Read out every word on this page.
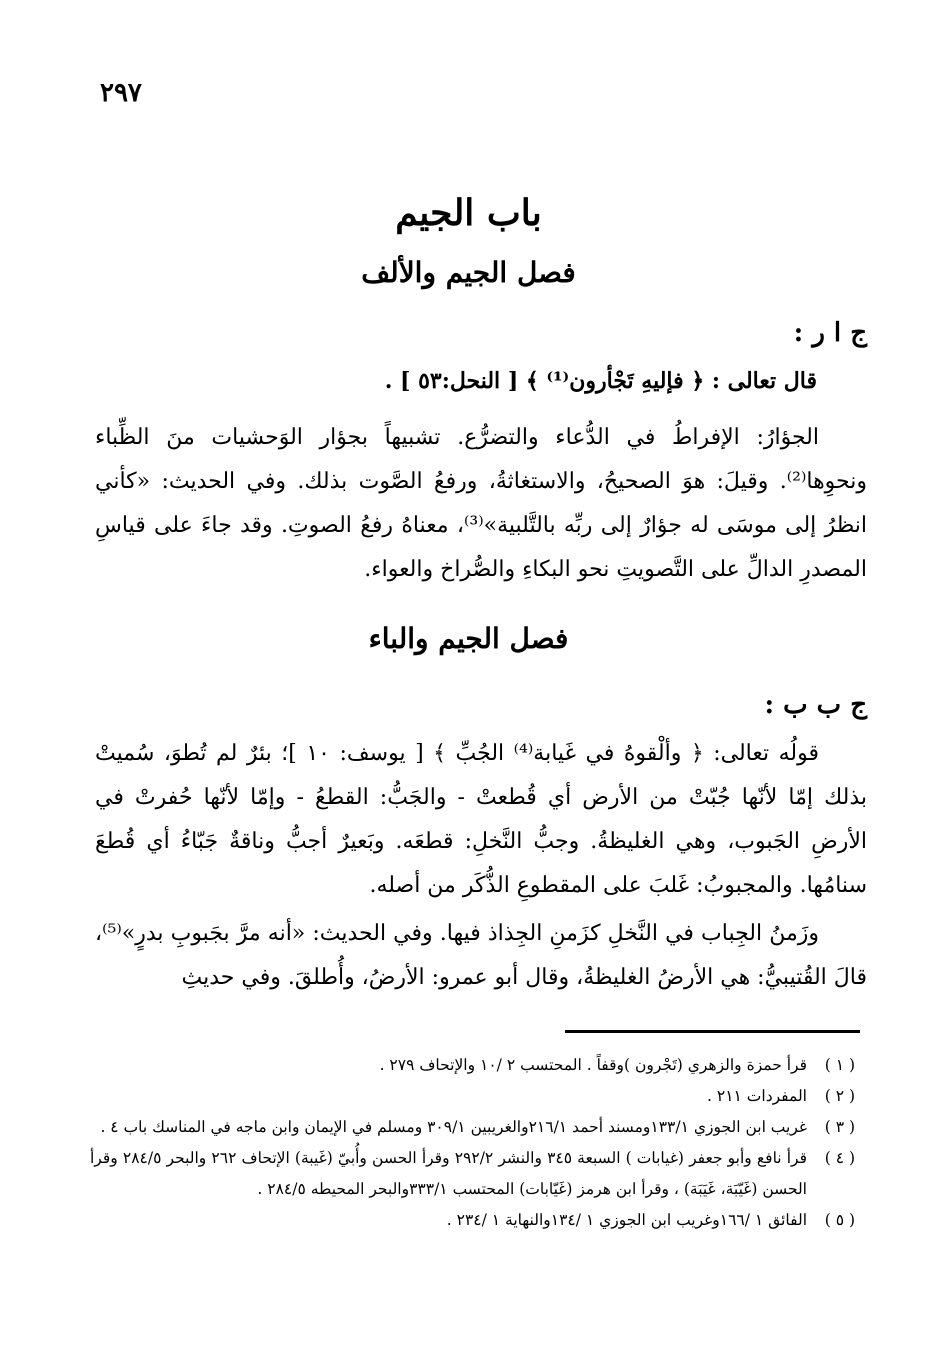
٢٩٧
باب الجيم
فصل الجيم والألف
ج ا ر :
قال تعالى : ﴿ فإليهِ تَجْأرون⁽¹⁾ ﴾ [ النحل:٥٣ ] .
الجؤارُ: الإفراطُ في الدُّعاء والتضرُّع. تشبيهاً بجؤار الوَحشيات منَ الظِّباء ونحوِها⁽²⁾. وقيلَ: هوَ الصحيحُ، والاستغاثةُ، ورفعُ الصَّوت بذلك. وفي الحديث: «كأني انظرُ إلى موسَى له جؤارٌ إلى ربِّه بالتَّلبية»⁽³⁾، معناهُ رفعُ الصوتِ. وقد جاءَ على قياسِ المصدرِ الدالِّ على التَّصويتِ نحو البكاءِ والصُّراخ والعواء.
فصل الجيم والباء
ج ب ب :
قولُه تعالى: ﴿ وألْقوهُ في غَيابة⁽⁴⁾ الجُبِّ ﴾ [ يوسف: ١٠ ]؛ بئرٌ لم تُطوَ، سُميتْ بذلك إمّا لأنّها جُبّتْ من الأرض أي قُطعتْ - والجَبُّ: القطعُ - وإمّا لأنّها حُفرتْ في الأرضِ الجَبوب، وهي الغليظةُ. وجبُّ النَّخلِ: قطعَه. وبَعيرٌ أجبُّ وناقةٌ جَبّاءُ أي قُطعَ سنامُها. والمجبوبُ: غَلبَ على المقطوعِ الذُّكَر من أصله.
وزَمنُ الجِباب في النَّخلِ كزَمنِ الجِذاذ فيها. وفي الحديث: «أنه مرَّ بجَبوبِ بدرٍ»⁽⁵⁾، قالَ القُتيبيُّ: هي الأرضُ الغليظةُ، وقال أبو عمرو: الأرضُ، وأُطلقَ. وفي حديثِ
( ١ )
قرأ حمزة والزهري (تَجْرون )وقفاً . المحتسب ٢ /١٠ والإتحاف ٢٧٩ .
( ٢ )
المفردات ٢١١ .
( ٣ )
غريب ابن الجوزي ١٣٣/١ومسند أحمد ٢١٦/١والغريبين ٣٠٩/١ ومسلم في الإيمان وابن ماجه في المناسك باب ٤ .
( ٤ )
قرأ نافع وأبو جعفر (غيابات ) السبعة ٣٤٥ والنشر ٢٩٢/٢ وقرأ الحسن وأُبيّ (غَيبة) الإتحاف ٢٦٢ والبحر ٢٨٤/٥ وقرأ الحسن (غَيّبَة، غَيَبَة) ، وقرأ ابن هرمز (غَيّابات) المحتسب ٣٣٣/١والبحر المحيطه ٢٨٤/٥ .
( ٥ )
الفائق ١ /١٦٦وغريب ابن الجوزي ١ /١٣٤والنهاية ١ /٢٣٤ .
